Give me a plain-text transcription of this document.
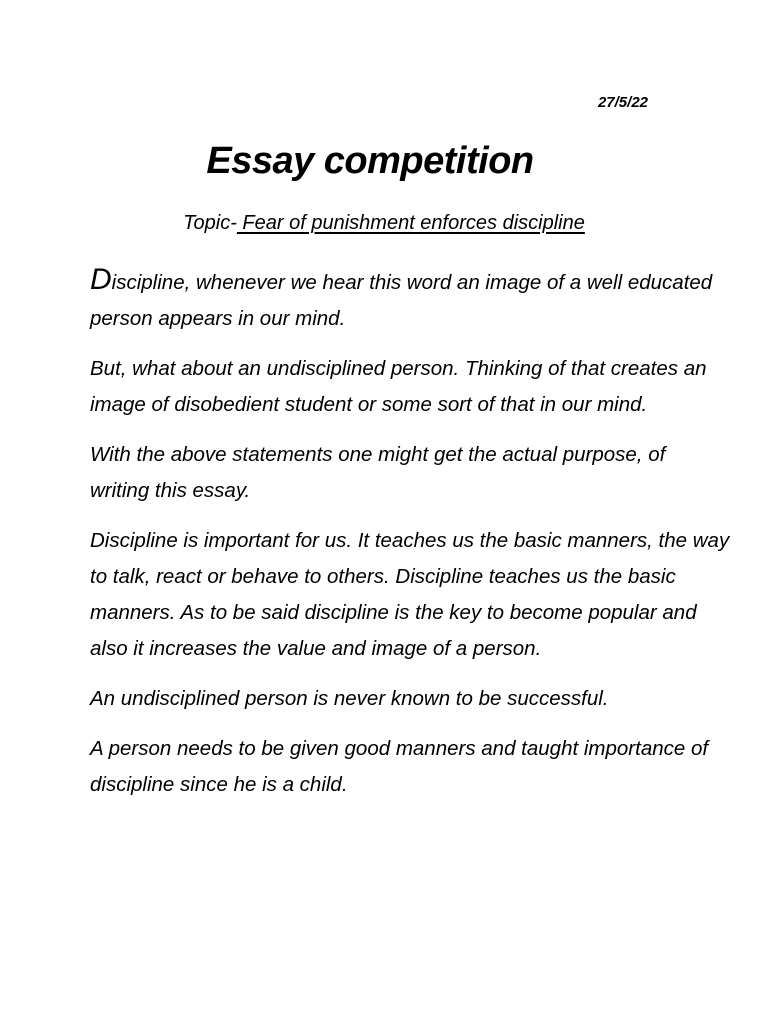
27/5/22
Essay competition
Topic- Fear of punishment enforces discipline

Discipline, whenever we hear this word an image of a well educated person appears in our mind.

But, what about an undisciplined person. Thinking of that creates an image of disobedient student or some sort of that in our mind.

With the above statements one might get the actual purpose, of writing this essay.

Discipline is important for us. It teaches us the basic manners, the way to talk, react or behave to others. Discipline teaches us the basic manners. As to be said discipline is the key to become popular and also it increases the value and image of a person.

An undisciplined person is never known to be successful.

A person needs to be given good manners and taught importance of discipline since he is a child.
